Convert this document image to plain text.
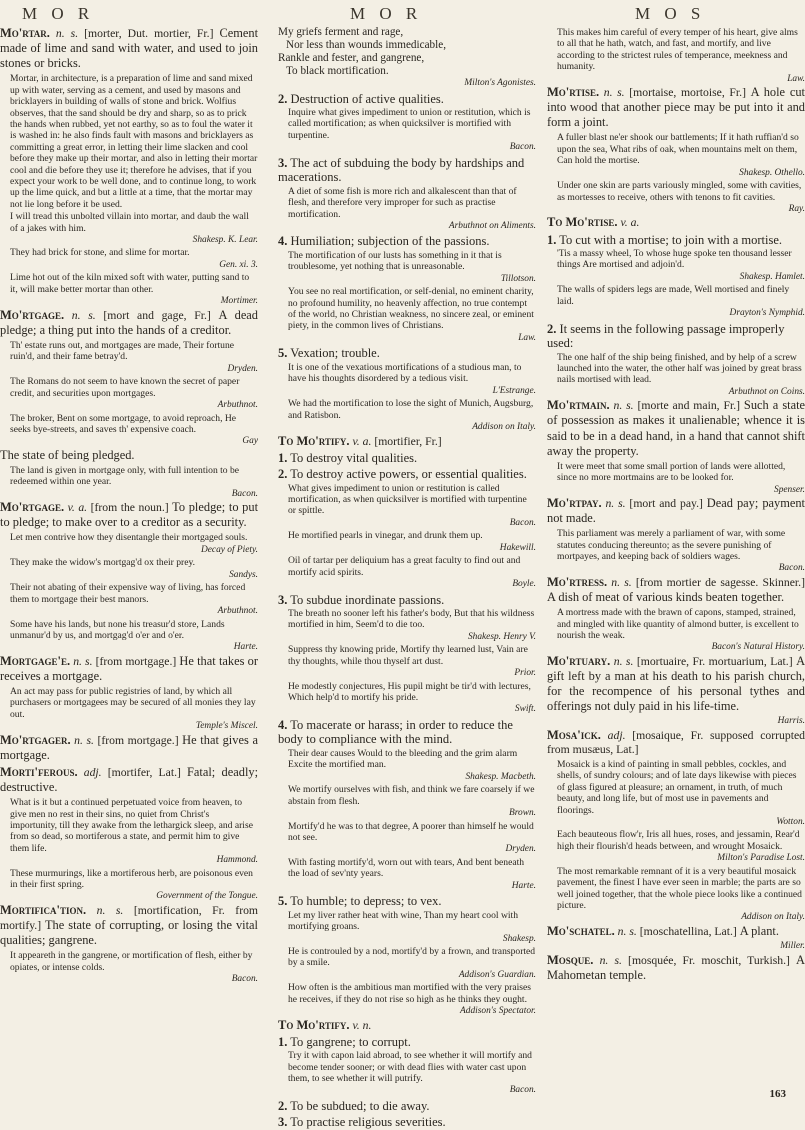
M O R	M O R	M O S
Mo'rtar. n. s. [morter, Dut. mortier, Fr.] Cement made of lime and sand with water, and used to join stones or bricks.

Mortar, in architecture, is a preparation of lime and sand mixed up with water, serving as a cement, and used by masons and bricklayers in building of walls of stone and brick. Wolfius observes, that the sand should be dry and sharp, so as to prick the hands when rubbed, yet not earthy, so as to foul the water it is washed in: he also finds fault with masons and bricklayers as committing a great error, in letting their lime slacken and cool before they make up their mortar, and also in letting their mortar cool and die before they use it; therefore he advises, that if you expect your work to be well done, and to continue long, to work up the lime quick, and but a little at a time, that the mortar may not lie long before it be used.

I will tread this unbolted villain into mortar, and daub the wall of a jakes with him.

Shakesp. K. Lear.

They had brick for stone, and slime for mortar.

Gen. xi. 3.

Lime hot out of the kiln mixed soft with water, putting sand to it, will make better mortar than other.

Mortimer.

Mo'rtgage. n. s. [mort and gage, Fr.] A dead pledge; a thing put into the hands of a creditor.

Th' estate runs out, and mortgages are made, Their fortune ruin'd, and their fame betray'd.

Dryden.

The Romans do not seem to have known the secret of paper credit, and securities upon mortgages.

Arbuthnot.

The broker, Bent on some mortgage, to avoid reproach, He seeks bye-streets, and saves th' expensive coach.

Gay

The state of being pledged.

The land is given in mortgage only, with full intention to be redeemed within one year.

Bacon.

Mo'rtgage. v. a. [from the noun.] To pledge; to put to pledge; to make over to a creditor as a security.

Let men contrive how they disentangle their mortgaged souls.

Decay of Piety.

They make the widow's mortgag'd ox their prey.

Sandys.

Their not abating of their expensive way of living, has forced them to mortgage their best manors.

Arbuthnot.

Some have his lands, but none his treasur'd store, Lands unmanur'd by us, and mortgag'd o'er and o'er.

Harte.

Mortgage'e. n. s. [from mortgage.] He that takes or receives a mortgage.

An act may pass for public registries of land, by which all purchasers or mortgagees may be secured of all monies they lay out.

Temple's Miscel.

Mo'rtgager. n. s. [from mortgage.] He that gives a mortgage.
Morti'ferous. adj. [mortifer, Lat.] Fatal; deadly; destructive.

What is it but a continued perpetuated voice from heaven, to give men no rest in their sins, no quiet from Christ's importunity, till they awake from the lethargick sleep, and arise from so dead, so mortiferous a state, and permit him to give them life.

Hammond.

These murmurings, like a mortiferous herb, are poisonous even in their first spring.

Government of the Tongue.

Mortifica'tion. n. s. [mortification, Fr. from mortify.] The state of corrupting, or losing the vital qualities; gangrene.

It appeareth in the gangrene, or mortification of flesh, either by opiates, or intense colds.

Bacon.

My griefs ferment and rage,

Nor less than wounds immedicable,

Rankle and fester, and gangrene,

To black mortification.

Milton's Agonistes.

2. Destruction of active qualities.

Inquire what gives impediment to union or restitution, which is called mortification; as when quicksilver is mortified with turpentine.

Bacon.

3. The act of subduing the body by hardships and macerations.

A diet of some fish is more rich and alkalescent than that of flesh, and therefore very improper for such as practise mortification.

Arbuthnot on Aliments.

4. Humiliation; subjection of the passions.

The mortification of our lusts has something in it that is troublesome, yet nothing that is unreasonable.

Tillotson.

You see no real mortification, or self-denial, no eminent charity, no profound humility, no heavenly affection, no true contempt of the world, no Christian weakness, no sincere zeal, or eminent piety, in the common lives of Christians.

Law.

5. Vexation; trouble.

It is one of the vexatious mortifications of a studious man, to have his thoughts disordered by a tedious visit.

L'Estrange.

We had the mortification to lose the sight of Munich, Augsburg, and Ratisbon.

Addison on Italy.

To Mo'rtify. v. a. [mortifier, Fr.]
1. To destroy vital qualities.
2. To destroy active powers, or essential qualities.

What gives impediment to union or restitution is called mortification, as when quicksilver is mortified with turpentine or spittle.

Bacon.

He mortified pearls in vinegar, and drunk them up.

Hakewill.

Oil of tartar per deliquium has a great faculty to find out and mortify acid spirits.

Boyle.

3. To subdue inordinate passions.

The breath no sooner left his father's body, But that his wildness mortified in him, Seem'd to die too.

Shakesp. Henry V.

Suppress thy knowing pride, Mortify thy learned lust, Vain are thy thoughts, while thou thyself art dust.

Prior.

He modestly conjectures, His pupil might be tir'd with lectures, Which help'd to mortify his pride.

Swift.

4. To macerate or harass; in order to reduce the body to compliance with the mind.

Their dear causes Would to the bleeding and the grim alarm Excite the mortified man.

Shakesp. Macbeth.

We mortify ourselves with fish, and think we fare coarsely if we abstain from flesh.

Brown.

Mortify'd he was to that degree, A poorer than himself he would not see.

Dryden.

With fasting mortify'd, worn out with tears, And bent beneath the load of sev'nty years.

Harte.

5. To humble; to depress; to vex.

Let my liver rather heat with wine, Than my heart cool with mortifying groans.

Shakesp.

He is controuled by a nod, mortify'd by a frown, and transported by a smile.

Addison's Guardian.

How often is the ambitious man mortified with the very praises he receives, if they do not rise so high as he thinks they ought.

Addison's Spectator.

To Mo'rtify. v. n.
1. To gangrene; to corrupt.

Try it with capon laid abroad, to see whether it will mortify and become tender sooner; or with dead flies with water cast upon them, to see whether it will putrify.

Bacon.

2. To be subdued; to die away.
3. To practise religious severities.

This makes him careful of every temper of his heart, give alms to all that he hath, watch, and fast, and mortify, and live according to the strictest rules of temperance, meekness and humanity.

Law.

Mo'rtise. n. s. [mortaise, mortoise, Fr.] A hole cut into wood that another piece may be put into it and form a joint.

A fuller blast ne'er shook our battlements; If it hath ruffian'd so upon the sea, What ribs of oak, when mountains melt on them, Can hold the mortise.

Shakesp. Othello.

Under one skin are parts variously mingled, some with cavities, as mortesses to receive, others with tenons to fit cavities.

Ray.

To Mo'rtise. v. a.
1. To cut with a mortise; to join with a mortise.

'Tis a massy wheel, To whose huge spoke ten thousand lesser things Are mortised and adjoin'd.

Shakesp. Hamlet.

The walls of spiders legs are made, Well mortised and finely laid.

Drayton's Nymphid.

2. It seems in the following passage improperly used:

The one half of the ship being finished, and by help of a screw launched into the water, the other half was joined by great brass nails mortised with lead.

Arbuthnot on Coins.

Mo'rtmain. n. s. [morte and main, Fr.] Such a state of possession as makes it unalienable; whence it is said to be in a dead hand, in a hand that cannot shift away the property.

It were meet that some small portion of lands were allotted, since no more mortmains are to be looked for.

Spenser.

Mo'rtpay. n. s. [mort and pay.] Dead pay; payment not made.

This parliament was merely a parliament of war, with some statutes conducing thereunto; as the severe punishing of mortpayes, and keeping back of soldiers wages.

Bacon.

Mo'rtress. n. s. [from mortier de sagesse. Skinner.] A dish of meat of various kinds beaten together.

A mortress made with the brawn of capons, stamped, strained, and mingled with like quantity of almond butter, is excellent to nourish the weak.

Bacon's Natural History.

Mo'rtuary. n. s. [mortuaire, Fr. mortuarium, Lat.] A gift left by a man at his death to his parish church, for the recompence of his personal tythes and offerings not duly paid in his life-time.

Harris.

Mosa'ick. adj. [mosaique, Fr. supposed corrupted from musæus, Lat.]

Mosaick is a kind of painting in small pebbles, cockles, and shells, of sundry colours; and of late days likewise with pieces of glass figured at pleasure; an ornament, in truth, of much beauty, and long life, but of most use in pavements and floorings.

Wotton.

Each beauteous flow'r, Iris all hues, roses, and jessamin, Rear'd high their flourish'd heads between, and wrought Mosaick.

Milton's Paradise Lost.

The most remarkable remnant of it is a very beautiful mosaick pavement, the finest I have ever seen in marble; the parts are so well joined together, that the whole piece looks like a continued picture.

Addison on Italy.

Mo'schatel. n. s. [moschatellina, Lat.] A plant.

Miller.

Mosque. n. s. [mosquée, Fr. moschit, Turkish.] A Mahometan temple.
163
